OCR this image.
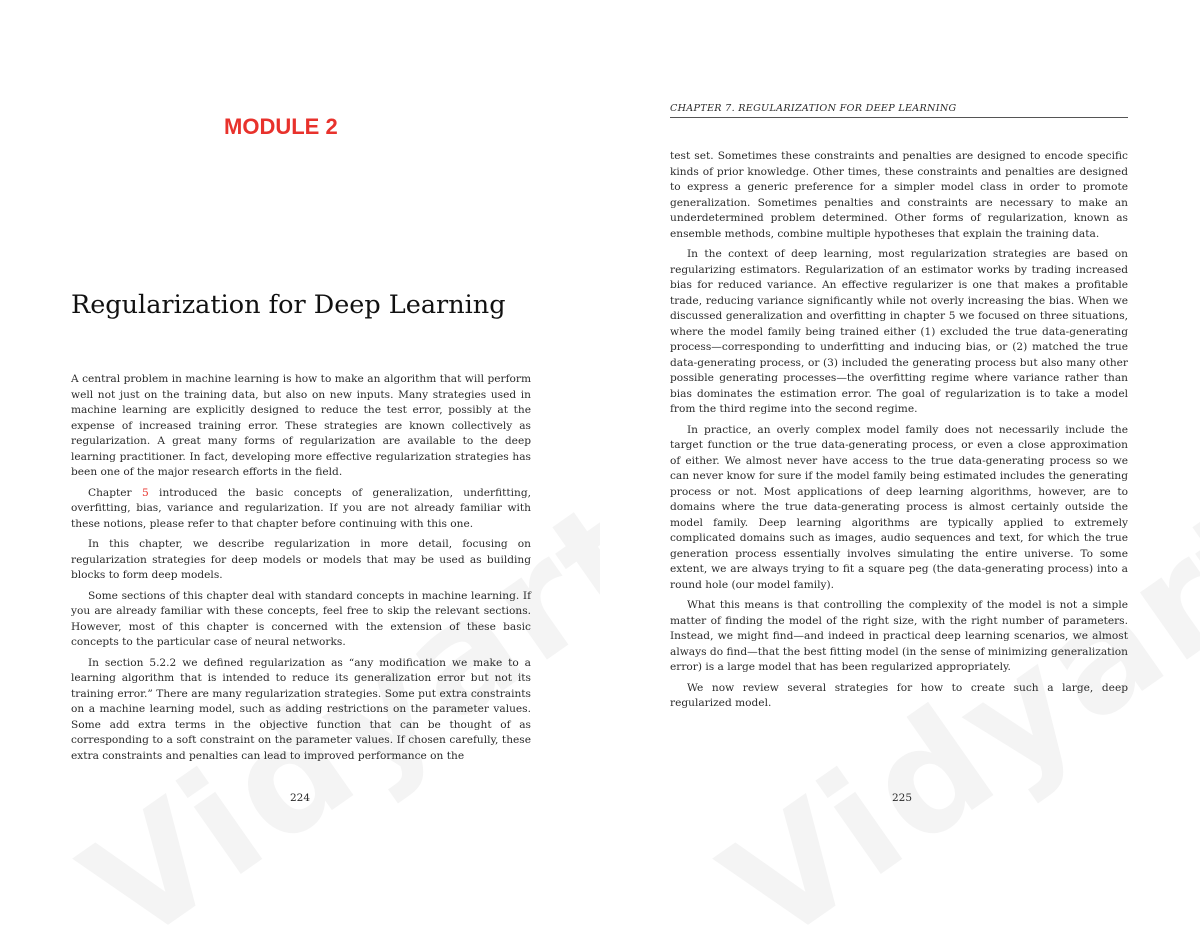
MODULE 2
Regularization for Deep Learning

A central problem in machine learning is how to make an algorithm that will perform well not just on the training data, but also on new inputs. Many strategies used in machine learning are explicitly designed to reduce the test error, possibly at the expense of increased training error. These strategies are known collectively as regularization. A great many forms of regularization are available to the deep learning practitioner. In fact, developing more effective regularization strategies has been one of the major research efforts in the field.

Chapter 5 introduced the basic concepts of generalization, underfitting, overfitting, bias, variance and regularization. If you are not already familiar with these notions, please refer to that chapter before continuing with this one.

In this chapter, we describe regularization in more detail, focusing on regularization strategies for deep models or models that may be used as building blocks to form deep models.

Some sections of this chapter deal with standard concepts in machine learning. If you are already familiar with these concepts, feel free to skip the relevant sections. However, most of this chapter is concerned with the extension of these basic concepts to the particular case of neural networks.

In section 5.2.2 we defined regularization as “any modification we make to a learning algorithm that is intended to reduce its generalization error but not its training error.” There are many regularization strategies. Some put extra constraints on a machine learning model, such as adding restrictions on the parameter values. Some add extra terms in the objective function that can be thought of as corresponding to a soft constraint on the parameter values. If chosen carefully, these extra constraints and penalties can lead to improved performance on the

224
CHAPTER 7. REGULARIZATION FOR DEEP LEARNING

test set. Sometimes these constraints and penalties are designed to encode specific kinds of prior knowledge. Other times, these constraints and penalties are designed to express a generic preference for a simpler model class in order to promote generalization. Sometimes penalties and constraints are necessary to make an underdetermined problem determined. Other forms of regularization, known as ensemble methods, combine multiple hypotheses that explain the training data.

In the context of deep learning, most regularization strategies are based on regularizing estimators. Regularization of an estimator works by trading increased bias for reduced variance. An effective regularizer is one that makes a profitable trade, reducing variance significantly while not overly increasing the bias. When we discussed generalization and overfitting in chapter 5 we focused on three situations, where the model family being trained either (1) excluded the true data-generating process—corresponding to underfitting and inducing bias, or (2) matched the true data-generating process, or (3) included the generating process but also many other possible generating processes—the overfitting regime where variance rather than bias dominates the estimation error. The goal of regularization is to take a model from the third regime into the second regime.

In practice, an overly complex model family does not necessarily include the target function or the true data-generating process, or even a close approximation of either. We almost never have access to the true data-generating process so we can never know for sure if the model family being estimated includes the generating process or not. Most applications of deep learning algorithms, however, are to domains where the true data-generating process is almost certainly outside the model family. Deep learning algorithms are typically applied to extremely complicated domains such as images, audio sequences and text, for which the true generation process essentially involves simulating the entire universe. To some extent, we are always trying to fit a square peg (the data-generating process) into a round hole (our model family).

What this means is that controlling the complexity of the model is not a simple matter of finding the model of the right size, with the right number of parameters. Instead, we might find—and indeed in practical deep learning scenarios, we almost always do find—that the best fitting model (in the sense of minimizing generalization error) is a large model that has been regularized appropriately.

We now review several strategies for how to create such a large, deep regularized model.

225
